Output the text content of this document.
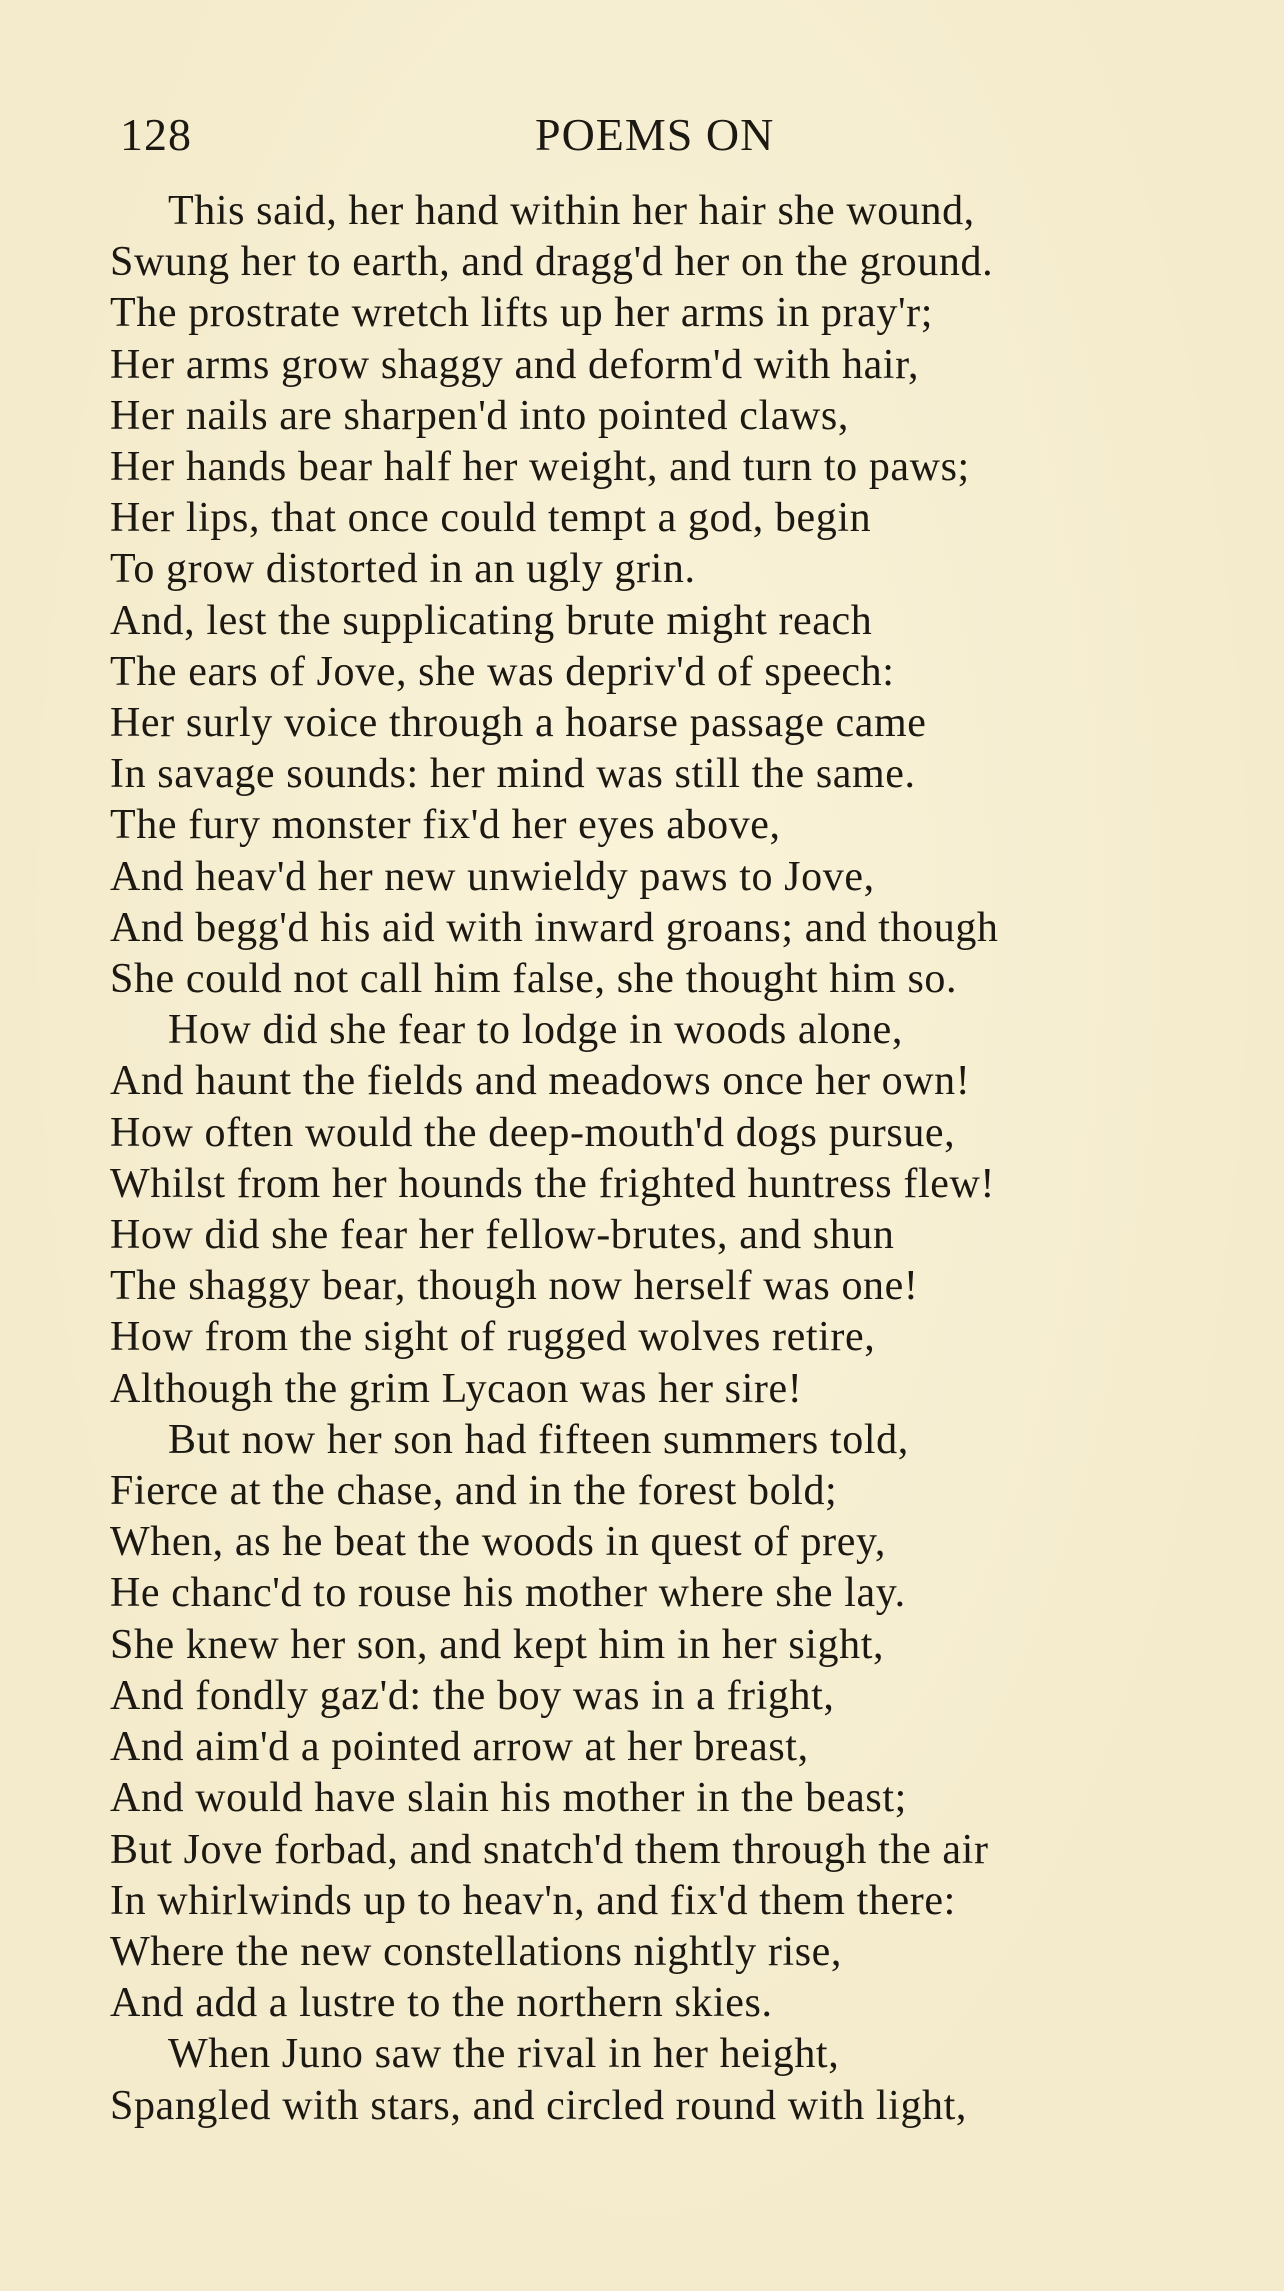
128	POEMS ON
This said, her hand within her hair she wound,
Swung her to earth, and dragg'd her on the ground.
The prostrate wretch lifts up her arms in pray'r;
Her arms grow shaggy and deform'd with hair,
Her nails are sharpen'd into pointed claws,
Her hands bear half her weight, and turn to paws;
Her lips, that once could tempt a god, begin
To grow distorted in an ugly grin.
And, lest the supplicating brute might reach
The ears of Jove, she was depriv'd of speech:
Her surly voice through a hoarse passage came
In savage sounds: her mind was still the same.
The fury monster fix'd her eyes above,
And heav'd her new unwieldy paws to Jove,
And begg'd his aid with inward groans; and though
She could not call him false, she thought him so.
How did she fear to lodge in woods alone,
And haunt the fields and meadows once her own!
How often would the deep-mouth'd dogs pursue,
Whilst from her hounds the frighted huntress flew!
How did she fear her fellow-brutes, and shun
The shaggy bear, though now herself was one!
How from the sight of rugged wolves retire,
Although the grim Lycaon was her sire!
But now her son had fifteen summers told,
Fierce at the chase, and in the forest bold;
When, as he beat the woods in quest of prey,
He chanc'd to rouse his mother where she lay.
She knew her son, and kept him in her sight,
And fondly gaz'd: the boy was in a fright,
And aim'd a pointed arrow at her breast,
And would have slain his mother in the beast;
But Jove forbad, and snatch'd them through the air
In whirlwinds up to heav'n, and fix'd them there:
Where the new constellations nightly rise,
And add a lustre to the northern skies.
When Juno saw the rival in her height,
Spangled with stars, and circled round with light,
